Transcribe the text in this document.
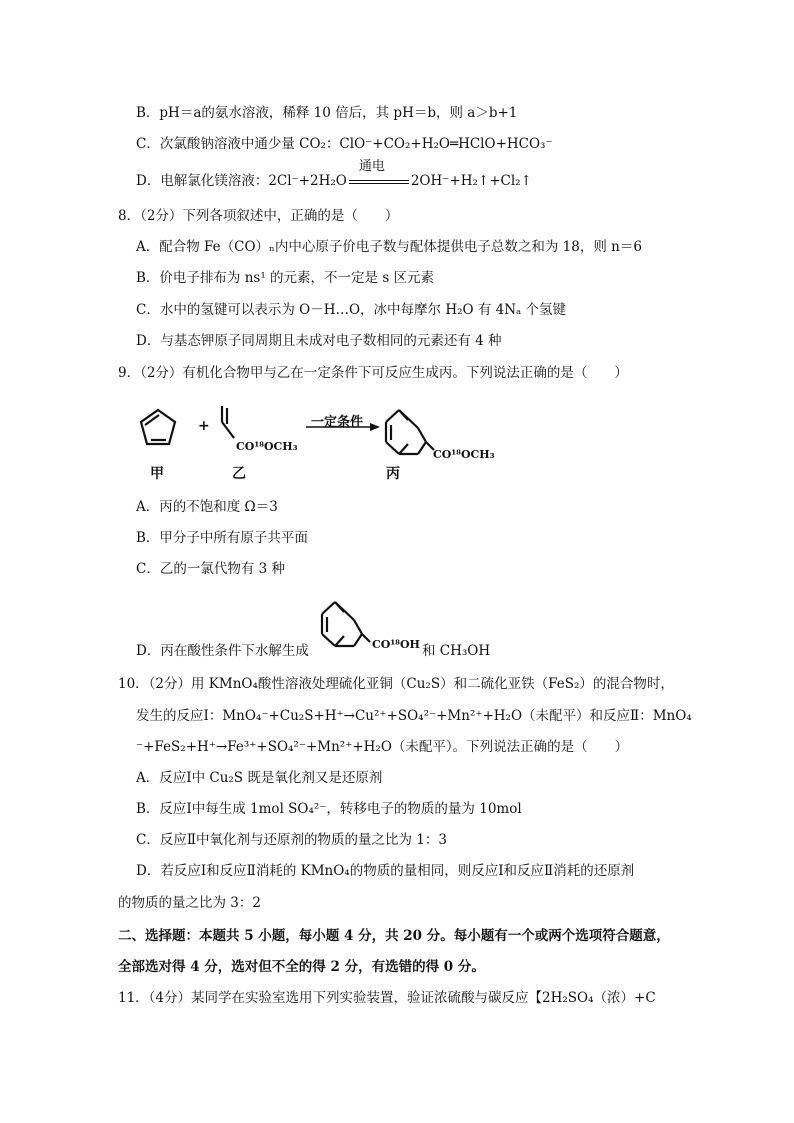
B．pH＝a的氨水溶液，稀释 10 倍后，其 pH＝b，则 a＞b+1
C．次氯酸钠溶液中通少量 CO₂：ClO⁻+CO₂+H₂O═HClO+HCO₃⁻
D．电解氯化镁溶液：2Cl⁻+2H₂O
通电
2OH⁻+H₂↑+Cl₂↑
8．（2分）下列各项叙述中，正确的是（　　）
A．配合物 Fe（CO）ₙ内中心原子价电子数与配体提供电子总数之和为 18，则 n＝6
B．价电子排布为 ns¹ 的元素，不一定是 s 区元素
C．水中的氢键可以表示为 O－H…O，冰中每摩尔 H₂O 有 4Nₐ 个氢键
D．与基态钾原子同周期且未成对电子数相同的元素还有 4 种
9．（2分）有机化合物甲与乙在一定条件下可反应生成丙。下列说法正确的是（　　）
+	一定条件
CO¹⁸OCH₃
CO¹⁸OCH₃
甲	乙	丙
A．丙的不饱和度 Ω＝3
B．甲分子中所有原子共平面
C．乙的一氯代物有 3 种
CO¹⁸OH
D．丙在酸性条件下水解生成	和 CH₃OH
10．（2分）用 KMnO₄酸性溶液处理硫化亚铜（Cu₂S）和二硫化亚铁（FeS₂）的混合物时，
发生的反应Ⅰ：MnO₄⁻+Cu₂S+H⁺→Cu²⁺+SO₄²⁻+Mn²⁺+H₂O（未配平）和反应Ⅱ：MnO₄
⁻+FeS₂+H⁺→Fe³⁺+SO₄²⁻+Mn²⁺+H₂O（未配平）。下列说法正确的是（　　）
A．反应Ⅰ中 Cu₂S 既是氧化剂又是还原剂
B．反应Ⅰ中每生成 1mol SO₄²⁻，转移电子的物质的量为 10mol
C．反应Ⅱ中氧化剂与还原剂的物质的量之比为 1：3
D．若反应Ⅰ和反应Ⅱ消耗的 KMnO₄的物质的量相同，则反应Ⅰ和反应Ⅱ消耗的还原剂
的物质的量之比为 3：2
二、选择题：本题共 5 小题，每小题 4 分，共 20 分。每小题有一个或两个选项符合题意，
全部选对得 4 分，选对但不全的得 2 分，有选错的得 0 分。
11．（4分）某同学在实验室选用下列实验装置，验证浓硫酸与碳反应【2H₂SO₄（浓）+C
